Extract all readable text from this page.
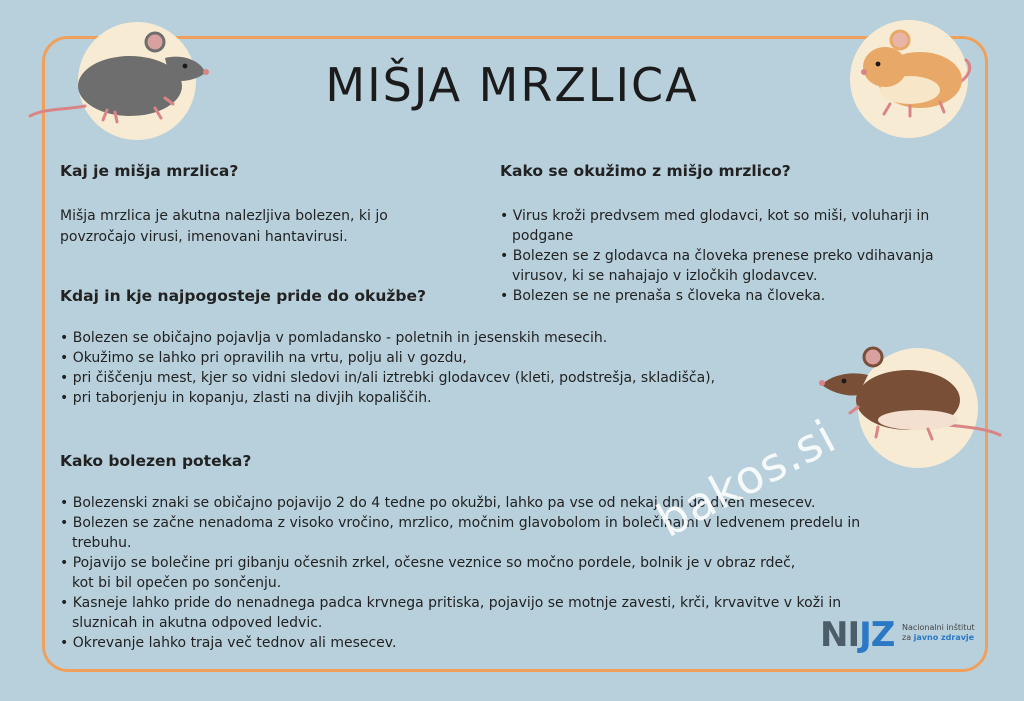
MIŠJA MRZLICA

Kaj je mišja mrzlica?

Mišja mrzlica je akutna nalezljiva bolezen, ki jo

povzročajo virusi, imenovani hantavirusi.

Kako se okužimo z mišjo mrzlico?

• Virus kroži predvsem med glodavci, kot so miši, voluharji in podgane
• Bolezen se z glodavca na človeka prenese preko vdihavanja virusov, ki se nahajajo v izločkih glodavcev.
• Bolezen se ne prenaša s človeka na človeka.

Kdaj in kje najpogosteje pride do okužbe?

• Bolezen se običajno pojavlja v pomladansko - poletnih in jesenskih mesecih.
• Okužimo se lahko pri opravilih na vrtu, polju ali v gozdu,
• pri čiščenju mest, kjer so vidni sledovi in/ali iztrebki glodavcev (kleti, podstrešja, skladišča),
• pri taborjenju in kopanju, zlasti na divjih kopališčih.

Kako bolezen poteka?

• Bolezenski znaki se običajno pojavijo 2 do 4 tedne po okužbi, lahko pa vse od nekaj dni do dveh mesecev.
• Bolezen se začne nenadoma z visoko vročino, mrzlico, močnim glavobolom in bolečinami v ledvenem predelu in trebuhu.
• Pojavijo se bolečine pri gibanju očesnih zrkel, očesne veznice so močno pordele, bolnik je v obraz rdeč, kot bi bil opečen po sončenju.
• Kasneje lahko pride do nenadnega padca krvnega pritiska, pojavijo se motnje zavesti, krči, krvavitve v koži in sluznicah in akutna odpoved ledvic.
• Okrevanje lahko traja več tednov ali mesecev.
bakos.si
NIJZ Nacionalni inštitut
za javno zdravje
